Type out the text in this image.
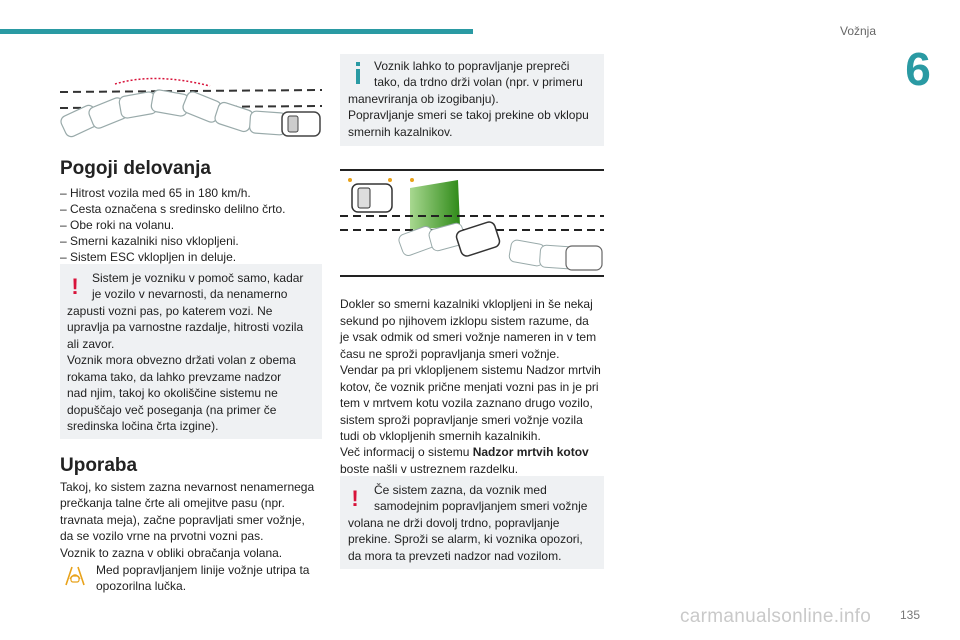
Vožnja
6
Pogoji delovanja
– Hitrost vozila med 65 in 180 km/h.
– Cesta označena s sredinsko delilno črto.
– Obe roki na volanu.
– Smerni kazalniki niso vklopljeni.
– Sistem ESC vklopljen in deluje.
! Sistem je vozniku v pomoč samo, kadar
je vozilo v nevarnosti, da nenamerno
zapusti vozni pas, po katerem vozi. Ne
upravlja pa varnostne razdalje, hitrosti vozila
ali zavor.
Voznik mora obvezno držati volan z obema
rokama tako, da lahko prevzame nadzor
nad njim, takoj ko okoliščine sistemu ne
dopuščajo več poseganja (na primer če
sredinska ločina črta izgine).
Uporaba
Takoj, ko sistem zazna nevarnost nenamernega
prečkanja talne črte ali omejitve pasu (npr.
travnata meja), začne popravljati smer vožnje,
da se vozilo vrne na prvotni vozni pas.
Voznik to zazna v obliki obračanja volana.
Med popravljanjem linije vožnje utripa ta
opozorilna lučka.
Voznik lahko to popravljanje prepreči
tako, da trdno drži volan (npr. v primeru
manevriranja ob izogibanju).
Popravljanje smeri se takoj prekine ob vklopu
smernih kazalnikov.
Dokler so smerni kazalniki vklopljeni in še nekaj
sekund po njihovem izklopu sistem razume, da
je vsak odmik od smeri vožnje nameren in v tem
času ne sproži popravljanja smeri vožnje.
Vendar pa pri vklopljenem sistemu Nadzor mrtvih
kotov, če voznik prične menjati vozni pas in je pri
tem v mrtvem kotu vozila zaznano drugo vozilo,
sistem sproži popravljanje smeri vožnje vozila
tudi ob vklopljenih smernih kazalnikih.
Več informacij o sistemu Nadzor mrtvih kotov
boste našli v ustreznem razdelku.
! Če sistem zazna, da voznik med
samodejnim popravljanjem smeri vožnje
volana ne drži dovolj trdno, popravljanje
prekine. Sproži se alarm, ki voznika opozori,
da mora ta prevzeti nadzor nad vozilom.
carmanualsonline.info 135
